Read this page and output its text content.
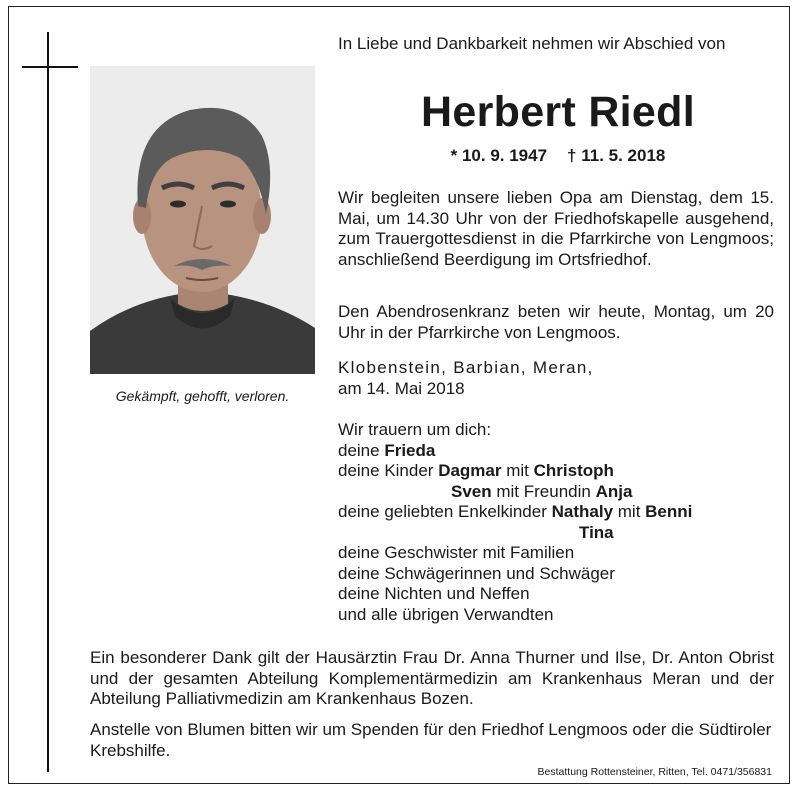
Gekämpft, gehofft, verloren.
In Liebe und Dankbarkeit nehmen wir Abschied von
Herbert Riedl
* 10. 9. 1947 † 11. 5. 2018
Wir begleiten unsere lieben Opa am Dienstag, dem 15. Mai, um 14.30 Uhr von der Friedhofskapelle ausgehend, zum Trauergottesdienst in die Pfarrkirche von Lengmoos; anschließend Beerdigung im Ortsfriedhof.
Den Abendrosenkranz beten wir heute, Montag, um 20 Uhr in der Pfarrkirche von Lengmoos.
Klobenstein, Barbian, Meran,
am 14. Mai 2018
Wir trauern um dich:
deine Frieda
deine Kinder Dagmar mit Christoph
Sven mit Freundin Anja
deine geliebten Enkelkinder Nathaly mit Benni
Tina
deine Geschwister mit Familien
deine Schwägerinnen und Schwäger
deine Nichten und Neffen
und alle übrigen Verwandten
Ein besonderer Dank gilt der Hausärztin Frau Dr. Anna Thurner und Ilse, Dr. Anton Obrist und der gesamten Abteilung Komplementärmedizin am Krankenhaus Meran und der Abteilung Palliativmedizin am Krankenhaus Bozen.
Anstelle von Blumen bitten wir um Spenden für den Friedhof Lengmoos oder die Südtiroler Krebshilfe.
Bestattung Rottensteiner, Ritten, Tel. 0471/356831
